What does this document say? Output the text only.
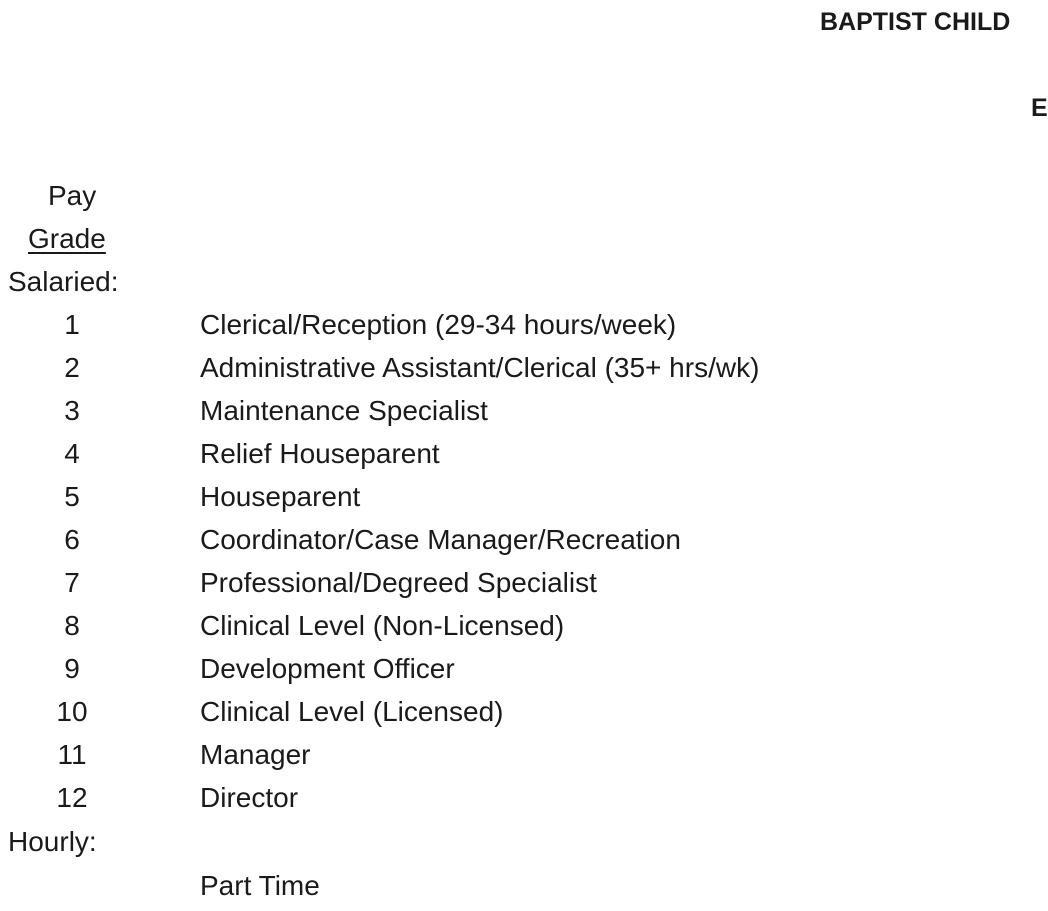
BAPTIST CHILD
E
Pay
Grade
Salaried:
1	Clerical/Reception (29-34 hours/week)
2	Administrative Assistant/Clerical (35+ hrs/wk)
3	Maintenance Specialist
4	Relief Houseparent
5	Houseparent
6	Coordinator/Case Manager/Recreation
7	Professional/Degreed Specialist
8	Clinical Level (Non-Licensed)
9	Development Officer
10	Clinical Level (Licensed)
11	Manager
12	Director
Hourly:
Part Time
